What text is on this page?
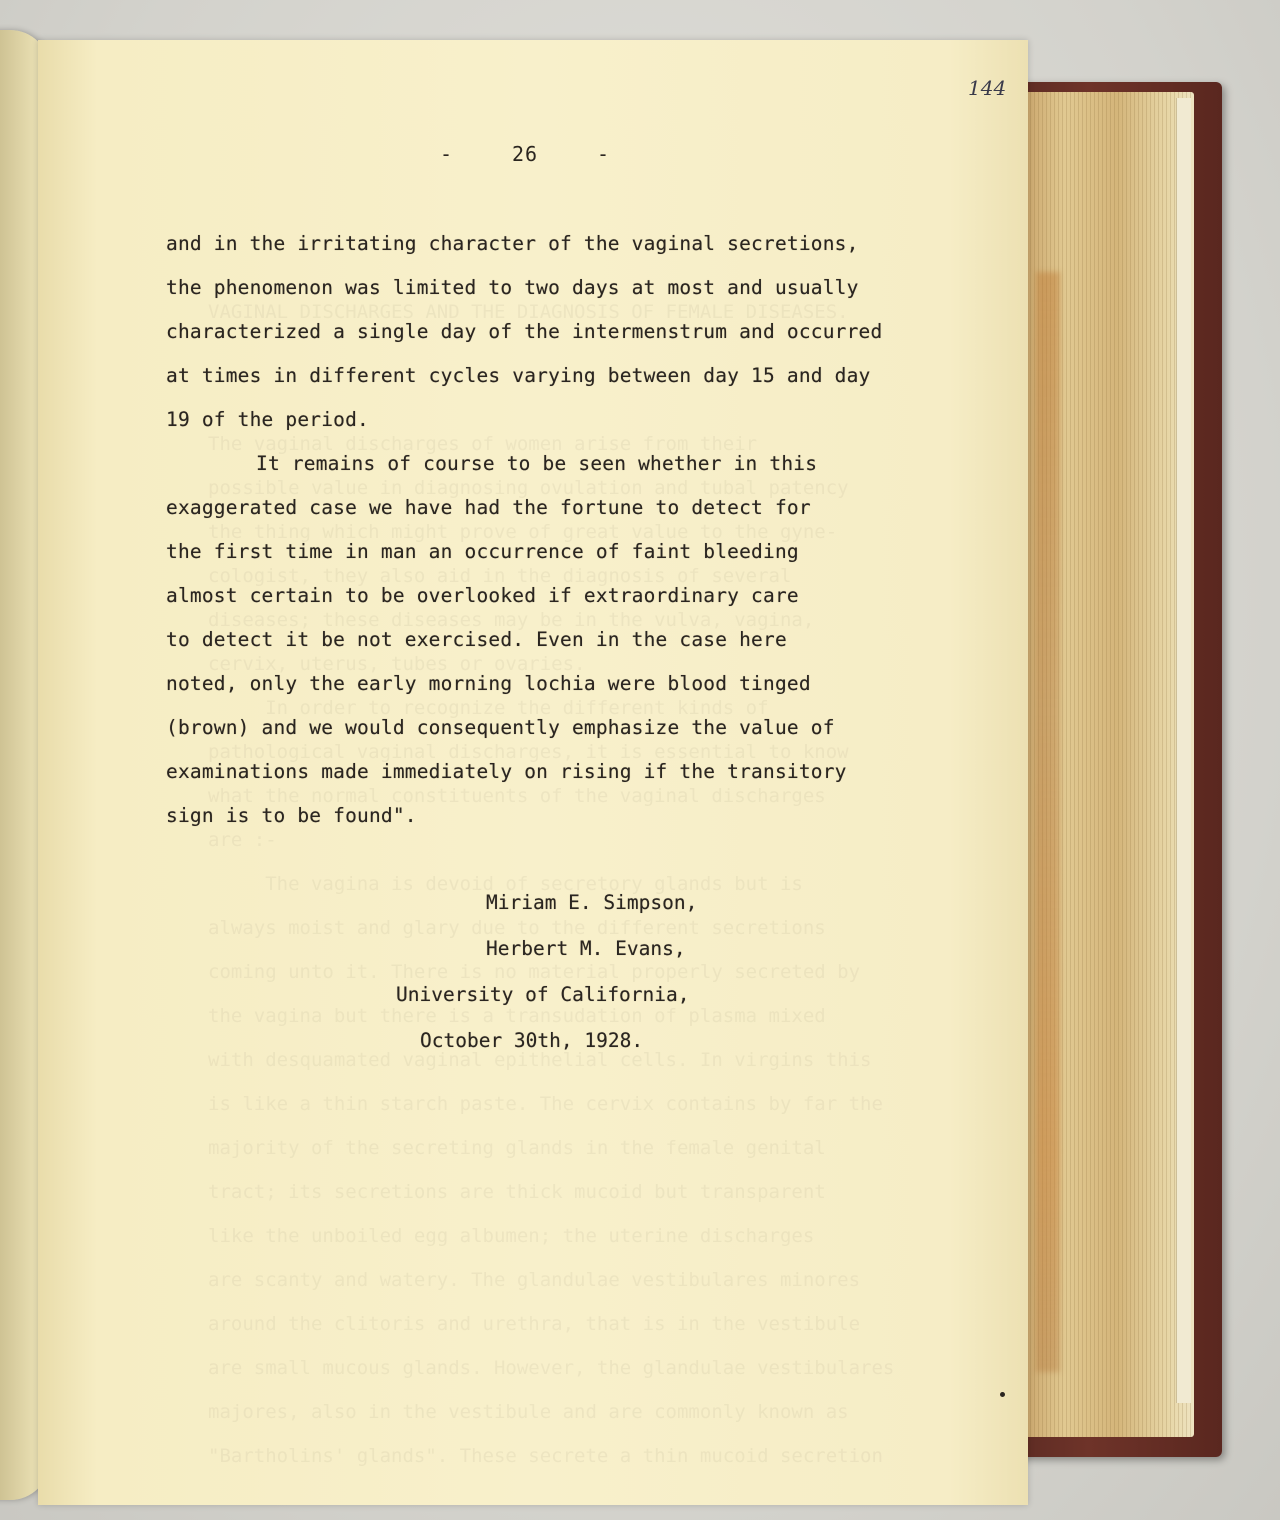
VAGINAL DISCHARGES AND THE DIAGNOSIS OF FEMALE DISEASES.

The vaginal discharges of women arise from their
possible value in diagnosing ovulation and tubal patency
the thing which might prove of great value to the gyne-
cologist, they also aid in the diagnosis of several
diseases; these diseases may be in the vulva, vagina,
cervix, uterus, tubes or ovaries.
In order to recognize the different kinds of
pathological vaginal discharges, it is essential to know
what the normal constituents of the vaginal discharges
are :-
The vagina is devoid of secretory glands but is
always moist and glary due to the different secretions
coming unto it. There is no material properly secreted by
the vagina but there is a transudation of plasma mixed
with desquamated vaginal epithelial cells. In virgins this
is like a thin starch paste. The cervix contains by far the
majority of the secreting glands in the female genital
tract; its secretions are thick mucoid but transparent
like the unboiled egg albumen; the uterine discharges
are scanty and watery. The glandulae vestibulares minores
around the clitoris and urethra, that is in the vestibule
are small mucous glands. However, the glandulae vestibulares
majores, also in the vestibule and are commonly known as
"Bartholins' glands". These secrete a thin mucoid secretion
144
-	26	-

and in the irritating character of the vaginal secretions,

the phenomenon was limited to two days at most and usually

characterized a single day of the intermenstrum and occurred

at times in different cycles varying between day 15 and day

19 of the period.

It remains of course to be seen whether in this

exaggerated case we have had the fortune to detect for

the first time in man an occurrence of faint bleeding

almost certain to be overlooked if extraordinary care

to detect it be not exercised. Even in the case here

noted, only the early morning lochia were blood tinged

(brown) and we would consequently emphasize the value of

examinations made immediately on rising if the transitory

sign is to be found".

Miriam E. Simpson,

Herbert M. Evans,

University of California,

October 30th, 1928.
